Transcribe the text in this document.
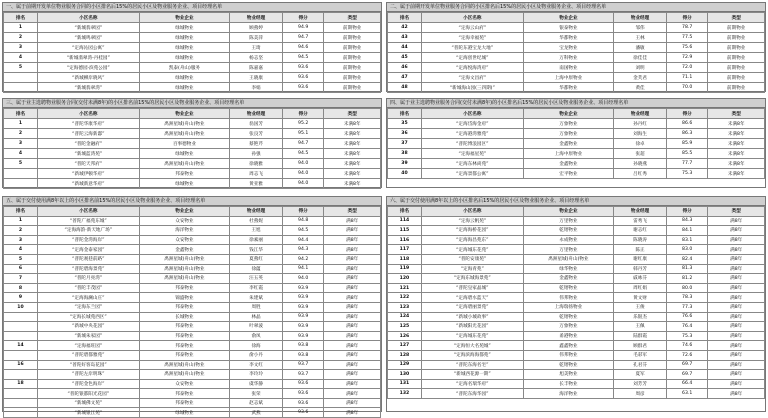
一、属于前期开发单位物业服务合同的小区排名后15%的居民小区及物业服务企业、项目经理名单
排名	小区名称	物业企业	物业经理	得分	类型
1	“新城翡翠园”	绿城物业	顾燕婷	94.9	前期物业
2	“新城鸣翠园”	绿城物业	陈美萍	94.7	前期物业
3	“定海沁园公寓”	绿城物业	王琦	94.6	前期物业
4	“新城翡翠湾-丹桂园”	绿城物业	杨志坚	94.5	前期物业
5	“定海德园·滨苑公园”	凯泰(舟山)服务	陈嘉嘉	93.6	前期物业
	“新城柳岸晓风”	绿城物业	王晓康	93.6	前期物业
	“新城翡翠湾”	绿城物业	李娟	93.6	前期物业
二、属于前期开发单位物业服务合同的小区排名后15%的居民小区及物业服务企业、项目经理名单
排名	小区名称	物业企业	物业经理	得分	类型
42	“定海云山府”	银泰物业	邹伟	78.7	前期物业
43	“定海幸福苑”	华都物业	王林	77.5	前期物业
44	“普陀东港宝龙大地”	宝龙物业	潘敏	75.6	前期物业
45	“定海创世纪城”	万科物业	徐佳佳	72.9	前期物业
46	“定海悦海湾府”	南国物业	刘明	72.0	前期物业
47	“定海文昌府”	上海中原物业	金芙君	71.1	前期物业
48	“新城海山园(三四期)”	华都物业	黄佳	70.0	前期物业
三、属于业主选聘物业服务合同(交付未满8年)的小区排名前15%的居民小区及物业服务企业、项目经理名单
排名	小区名称	物业企业	物业经理	得分	类型
1	“普陀华康华府”	禹洲星城(舟山)物业	翁国芳	95.2	未满8年
2	“普陀云海新邸”	禹洲星城(舟山)物业	张良芳	95.1	未满8年
3	“普陀金融府”	百事德物业	蔡艳芹	94.7	未满8年
4	“新城蓝湾苑”	绿城物业	孙强	94.5	未满8年
5	“普陀天邦府”	禹洲星城(舟山)物业	徐晓雅	94.0	未满8年
	“新城伊顿华府”	邦泰物业	周志飞	94.0	未满8年
	“新城新意华府”	绿城物业	黄亚雅	94.0	未满8年
四、属于业主选聘物业服务合同(交付未满8年)的小区排名后15%的居民小区及物业服务企业、项目经理名单
排名	小区名称	物业企业	物业经理	得分	类型
35	“定海岱海金府”	万象物业	孙丹红	86.6	未满8年
36	“定海港湾雅苑”	万象物业	刘海生	86.3	未满8年
37	“普陀博浪园区”	金鑫物业	徐卓	85.9	未满8年
38	“定海福星苑”	上海中原物业	张超	85.5	未满8年
39	“定海东林尚苑”	金鑫物业	孙晓燕	77.7	未满8年
40	“定海景都公寓”	宏平物业	吕红秀	75.3	未满8年
五、属于交付使用满8年以上的小区排名前15%的居民小区及物业服务企业、项目经理名单
排名	小区名称	物业企业	物业经理	得分	类型
1	“普陀广福苑东城”	众安物业	杜燕妮	94.8	满8年
2	“定海海韵·新天地广场”	海洋物业	王旭	94.5	满8年
3	“普陀金湾海岸”	众安物业	徐素丽	94.4	满8年
4	“定海金泰家园”	金鑫物业	钱江华	94.3	满8年
5	“普陀观巷前路”	禹洲星城(舟山)物业	夏燕红	94.2	满8年
6	“普陀碧海景苑”	禹洲星城(舟山)物业	徐蕴	94.1	满8年
7	“普陀月亮湾”	禹洲星城(舟山)物业	汪五英	94.0	满8年
8	“普陀丰茂园”	邦泰物业	李红霞	93.9	满8年
9	“定海海澜山庄”	锦盛物业	朱建斌	93.9	满8年
10	“定海东兰园”	邦泰物业	周胜	93.9	满8年
	“定海长城苑西区”	长城物业	林晶	93.9	满8年
	“新城中央花园”	邦泰物业	叶翠波	93.9	满8年
	“新城朱家园”	邦泰物业	俞凤	93.9	满8年
14	“定海福旺园”	邦泰物业	徐海	93.8	满8年
	“普陀碧都雅苑”	邦泰物业	俞小丹	93.8	满8年
16	“普陀好客岛花园”	禹洲星城(舟山)物业	李文红	93.7	满8年
	“普陀左岸明珠”	禹洲星城(舟山)物业	李玲玲	93.7	满8年
18	“普陀金色海岸”	众安物业	虞华静	93.6	满8年
	“普陀银都阳光花园”	邦泰物业	张荣	93.6	满8年
	“新城佛文苑”	邦泰物业	赵志斌	93.6	满8年
	“新城银江苑”	绿城物业	武燕	93.6	满8年
六、属于交付使用满8年以上的小区排名后15%的居民小区及物业服务企业、项目经理名单
排名	小区名称	物业企业	物业经理	得分	类型
114	“定海云帆苑”	万里物业	雷秀飞	84.3	满8年
115	“定海海桥花园”	乾镕物业	谢志红	84.1	满8年
116	“定海海昌苑东”	永成物业	陈晓涛	83.1	满8年
117	“定海城东花苑”	万里物业	陈正	83.0	满8年
118	“普陀安康苑”	禹洲星城(舟山)物业	谢红康	82.4	满8年
119	“定海青苑”	绿华物业	韩丹芳	81.3	满8年
120	“定海东城海景苑”	金鑫物业	戚咏芬	81.2	满8年
121	“普陀皇家晶城”	乾镕物业	周红娟	80.0	满8年
122	“定海碧水蓝天”	伟邦物业	黄文财	78.3	满8年
123	“定海碧丽景苑”	上海瑞扬物业	王俊	77.3	满8年
124	“新城小城故事”	乾镕物业	乐银杰	76.6	满8年
125	“新城阳光花园”	万象物业	王佩	76.4	满8年
126	“定海城东花苑”	甬港物业	陆群霞	75.3	满8年
127	“定海恒大名苑城”	鑫鑫物业	顾群君	74.6	满8年
128	“定海滨海海都苑”	伟邦物业	毛彩军	72.6	满8年
129	“普陀东海名宅”	乾镕物业	孔君芬	69.7	满8年
130	“新城西花源一期”	旭美物业	夏军	69.7	满8年
131	“定海名瑞华府”	长丰物业	刘芳芳	66.4	满8年
132	“普陀东海华园”	海洋物业	周彦	63.1	满8年
